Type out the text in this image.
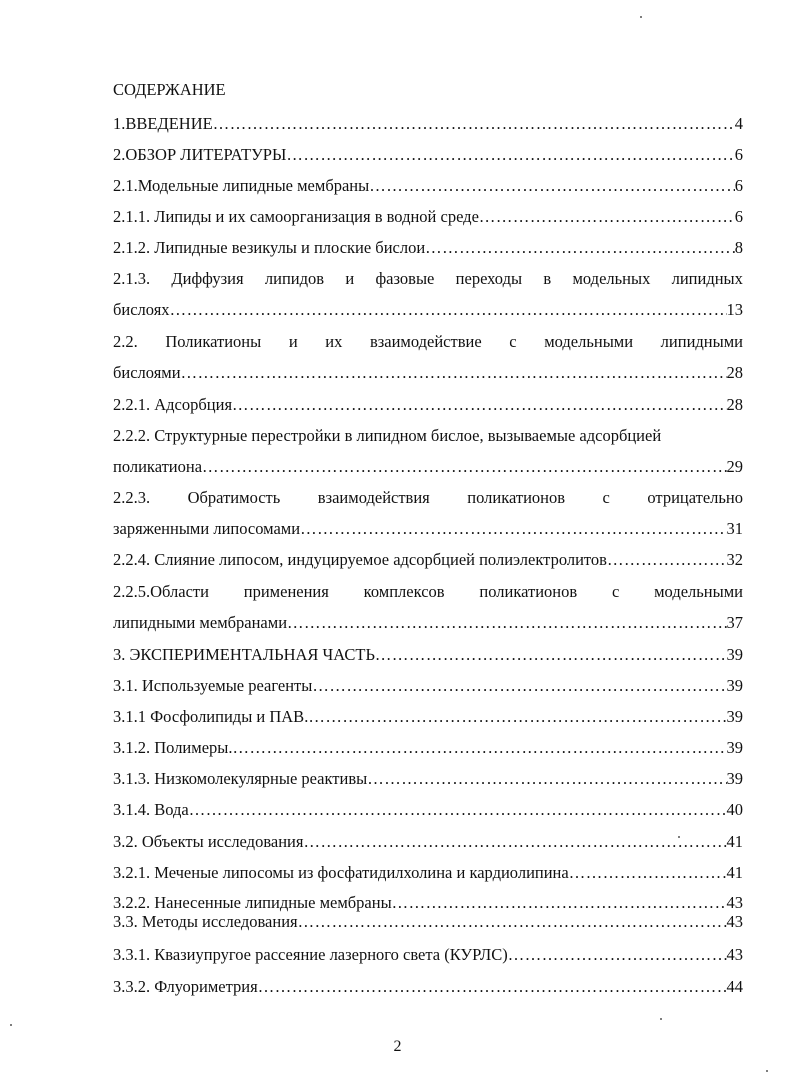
СОДЕРЖАНИЕ
1.ВВЕДЕНИЕ ………………………………………………………………………………………………………………………………………………………………………………………………………	4
2.ОБЗОР ЛИТЕРАТУРЫ ………………………………………………………………………………………………………………………………………………………………………………………………………	6
2.1.Модельные липидные мембраны ………………………………………………………………………………………………………………………………………………………………………………………………………	6
2.1.1. Липиды и их самоорганизация в водной среде ………………………………………………………………………………………………………………………………………………………………………………………………………	6
2.1.2. Липидные везикулы и плоские бислои ………………………………………………………………………………………………………………………………………………………………………………………………………	8
2.1.3. Диффузия липидов и фазовые переходы в модельных липидных
бислоях ………………………………………………………………………………………………………………………………………………………………………………………………………	13
2.2. Поликатионы и их взаимодействие с модельными липидными
бислоями ………………………………………………………………………………………………………………………………………………………………………………………………………	28
2.2.1. Адсорбция ………………………………………………………………………………………………………………………………………………………………………………………………………	28
2.2.2. Структурные перестройки в липидном бислое, вызываемые адсорбцией
поликатиона ………………………………………………………………………………………………………………………………………………………………………………………………………	29
2.2.3. Обратимость взаимодействия поликатионов с отрицательно
заряженными липосомами ………………………………………………………………………………………………………………………………………………………………………………………………………	31
2.2.4. Слияние липосом, индуцируемое адсорбцией полиэлектролитов ………………………………………………………………………………………………………………………………………………………………………………………………………	32
2.2.5.Области применения комплексов поликатионов с модельными
липидными мембранами ………………………………………………………………………………………………………………………………………………………………………………………………………	37
3. ЭКСПЕРИМЕНТАЛЬНАЯ ЧАСТЬ ………………………………………………………………………………………………………………………………………………………………………………………………………	39
3.1. Используемые реагенты ………………………………………………………………………………………………………………………………………………………………………………………………………	39
3.1.1 Фосфолипиды и ПАВ. ………………………………………………………………………………………………………………………………………………………………………………………………………	39
3.1.2. Полимеры. ………………………………………………………………………………………………………………………………………………………………………………………………………	39
3.1.3. Низкомолекулярные реактивы ………………………………………………………………………………………………………………………………………………………………………………………………………	39
3.1.4. Вода ………………………………………………………………………………………………………………………………………………………………………………………………………	40
3.2. Объекты исследования ………………………………………………………………………………………………………………………………………………………………………………………………………	41
3.2.1. Меченые липосомы из фосфатидилхолина и кардиолипина ………………………………………………………………………………………………………………………………………………………………………………………………………	41
3.2.2. Нанесенные липидные мембраны ………………………………………………………………………………………………………………………………………………………………………………………………………	43
3.3. Методы исследования ………………………………………………………………………………………………………………………………………………………………………………………………………	43
3.3.1. Квазиупругое рассеяние лазерного света (КУРЛС) ………………………………………………………………………………………………………………………………………………………………………………………………………	43
3.3.2. Флуориметрия ………………………………………………………………………………………………………………………………………………………………………………………………………	44
2
